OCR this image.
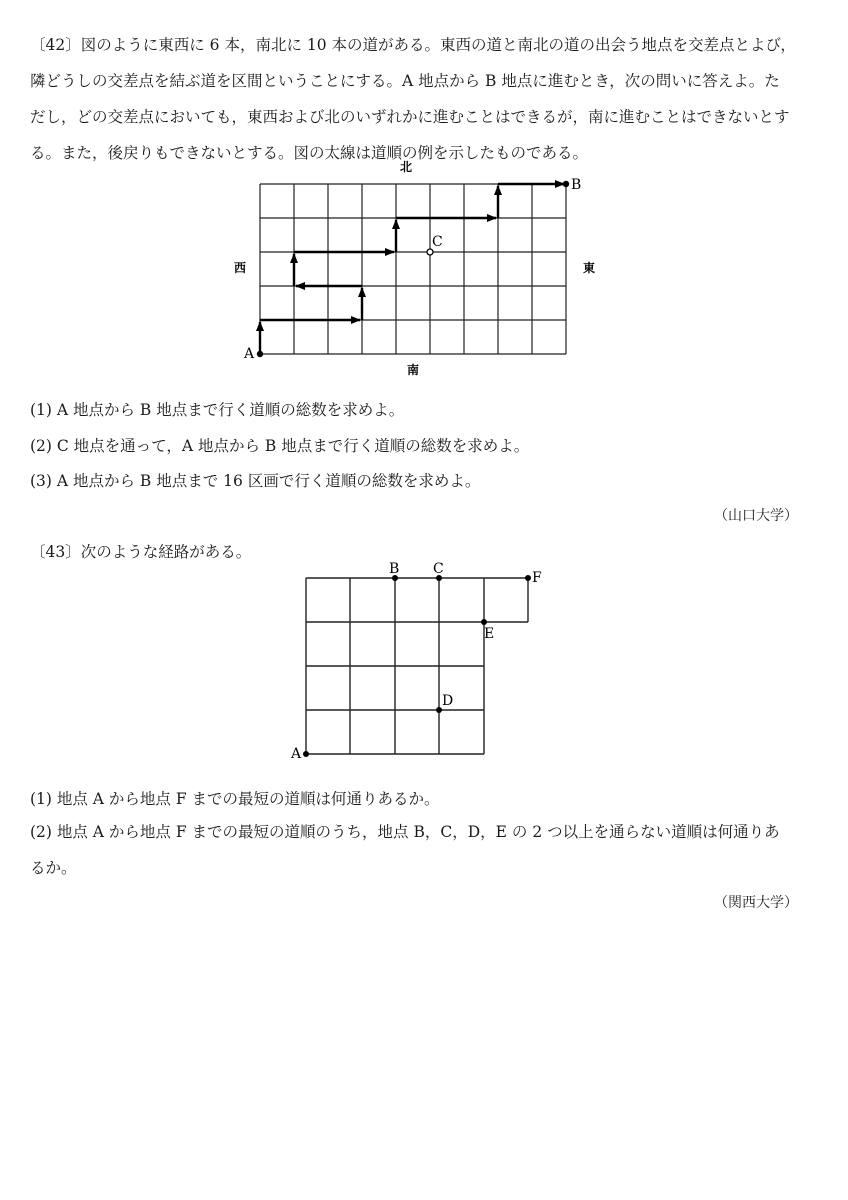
〔42〕図のように東西に 6 本，南北に 10 本の道がある。東西の道と南北の道の出会う地点を交差点とよび，
隣どうしの交差点を結ぶ道を区間ということにする。A 地点から B 地点に進むとき，次の問いに答えよ。た
だし，どの交差点においても，東西および北のいずれかに進むことはできるが，南に進むことはできないとす
る。また，後戻りもできないとする。図の太線は道順の例を示したものである。
北
南
西	東
A
B
C

(1) A 地点から B 地点まで行く道順の総数を求めよ。

(2) C 地点を通って，A 地点から B 地点まで行く道順の総数を求めよ。

(3) A 地点から B 地点まで 16 区画で行く道順の総数を求めよ。

（山口大学）

〔43〕次のような経路がある。

A
B C
D
E
F

(1) 地点 A から地点 F までの最短の道順は何通りあるか。

(2) 地点 A から地点 F までの最短の道順のうち，地点 B，C，D，E の 2 つ以上を通らない道順は何通りあ
るか。
（関西大学）
